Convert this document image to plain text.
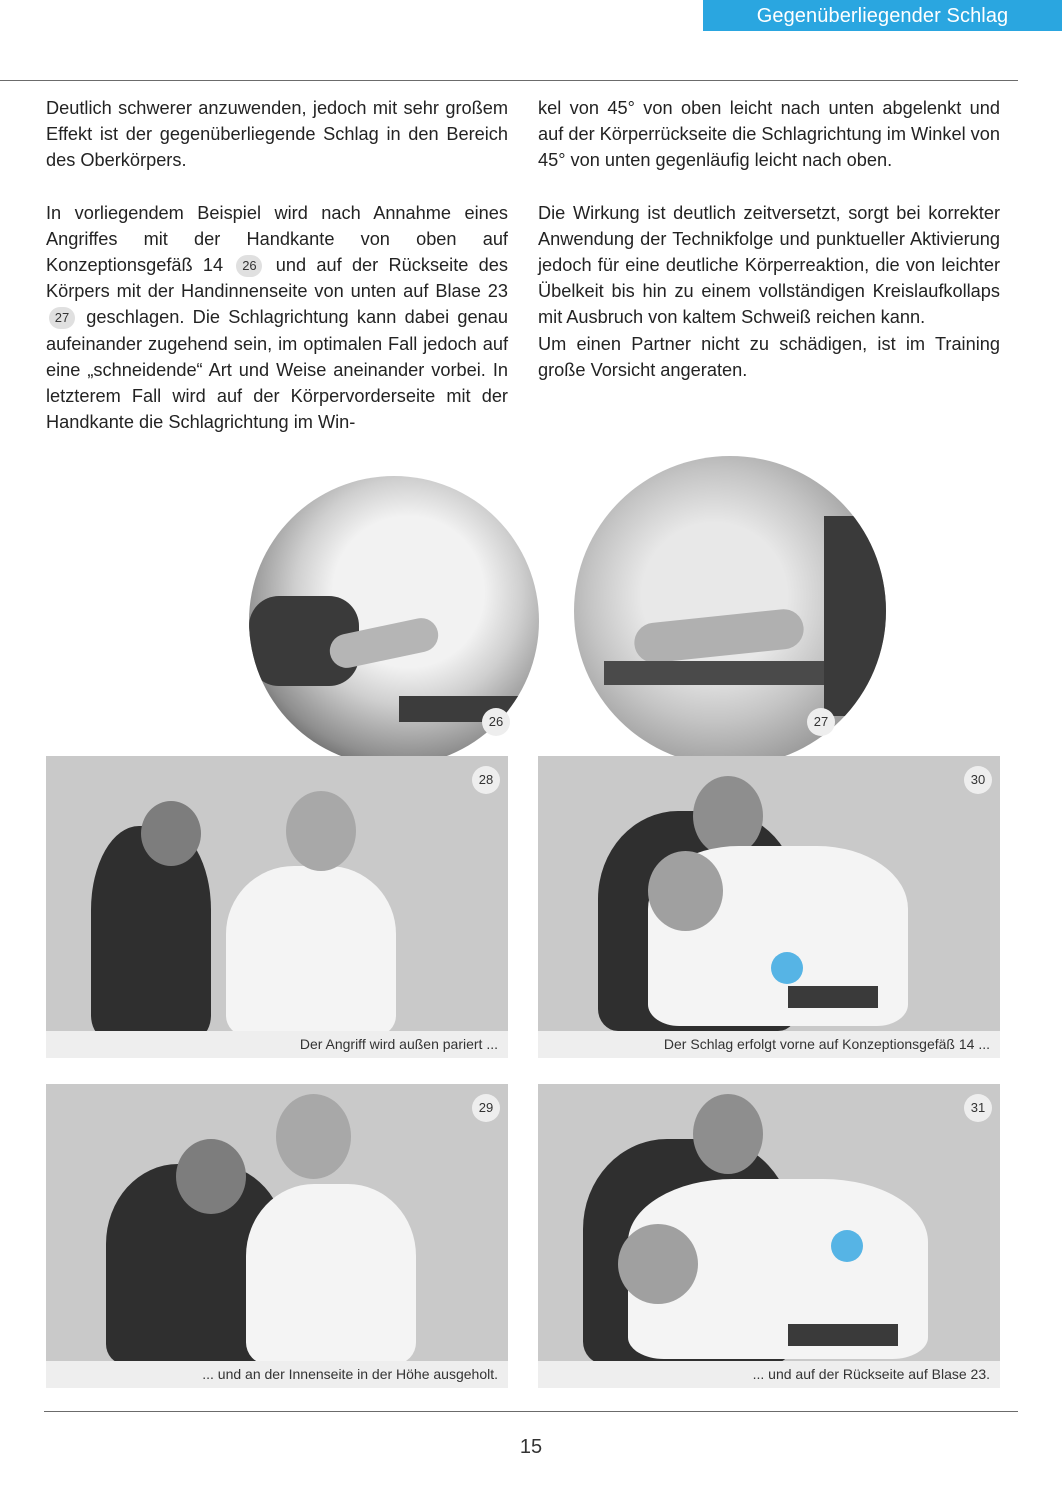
Gegenüberliegender Schlag

Deutlich schwerer anzuwenden, jedoch mit sehr großem Effekt ist der gegenüberliegende Schlag in den Bereich des Oberkörpers.

In vorliegendem Beispiel wird nach Annahme eines Angriffes mit der Handkante von oben auf Konzeptionsgefäß 14 26 und auf der Rückseite des Körpers mit der Handinnenseite von unten auf Blase 23 27 geschlagen. Die Schlagrichtung kann dabei genau aufeinander zugehend sein, im optimalen Fall jedoch auf eine „schneidende“ Art und Weise aneinander vorbei. In letzterem Fall wird auf der Körpervorderseite mit der Handkante die Schlagrichtung im Win-

kel von 45° von oben leicht nach unten abgelenkt und auf der Körperrückseite die Schlagrichtung im Winkel von 45° von unten gegenläufig leicht nach oben.

Die Wirkung ist deutlich zeitversetzt, sorgt bei korrekter Anwendung der Technikfolge und punktueller Aktivierung jedoch für eine deutliche Körperreaktion, die von leichter Übelkeit bis hin zu einem vollständigen Kreislaufkollaps mit Ausbruch von kaltem Schweiß reichen kann.

Um einen Partner nicht zu schädigen, ist im Training große Vorsicht angeraten.

26	27
28
Der Angriff wird außen pariert ...
30
Der Schlag erfolgt vorne auf Konzeptionsgefäß 14 ...
29
... und an der Innenseite in der Höhe ausgeholt.
31
... und auf der Rückseite auf Blase 23.
15
